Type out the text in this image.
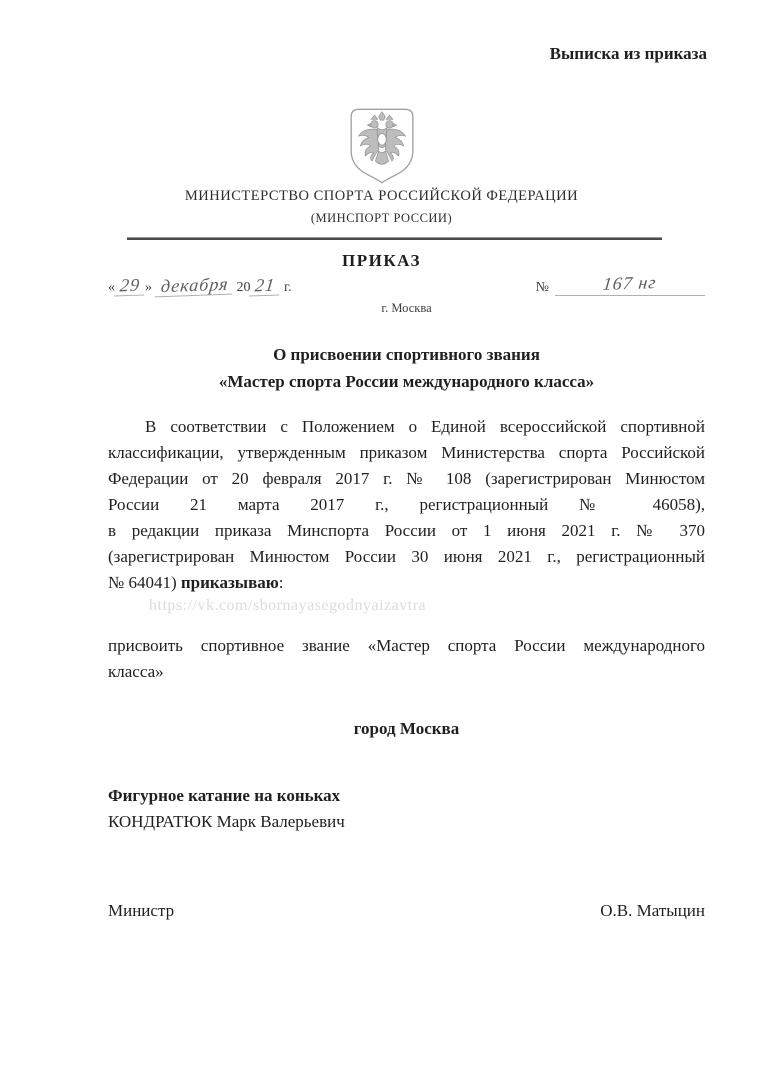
Выписка из приказа
МИНИСТЕРСТВО СПОРТА РОССИЙСКОЙ ФЕДЕРАЦИИ
(МИНСПОРТ РОССИИ)
ПРИКАЗ
« 29 » декабря 20 21 г.	№	167 нг
г. Москва
О присвоении спортивного звания
«Мастер спорта России международного класса»
В соответствии с Положением о Единой всероссийской спортивной
классификации, утвержденным приказом Министерства спорта Российской
Федерации от 20 февраля 2017 г. № 108 (зарегистрирован Минюстом
России 21 марта 2017 г., регистрационный № 46058),
в редакции приказа Минспорта России от 1 июня 2021 г. № 370
(зарегистрирован Минюстом России 30 июня 2021 г., регистрационный
№ 64041) приказываю:
https://vk.com/sbornayasegodnyaizavtra
присвоить спортивное звание «Мастер спорта России международного
класса»
город Москва
Фигурное катание на коньках
КОНДРАТЮК Марк Валерьевич
Министр	О.В. Матыцин
